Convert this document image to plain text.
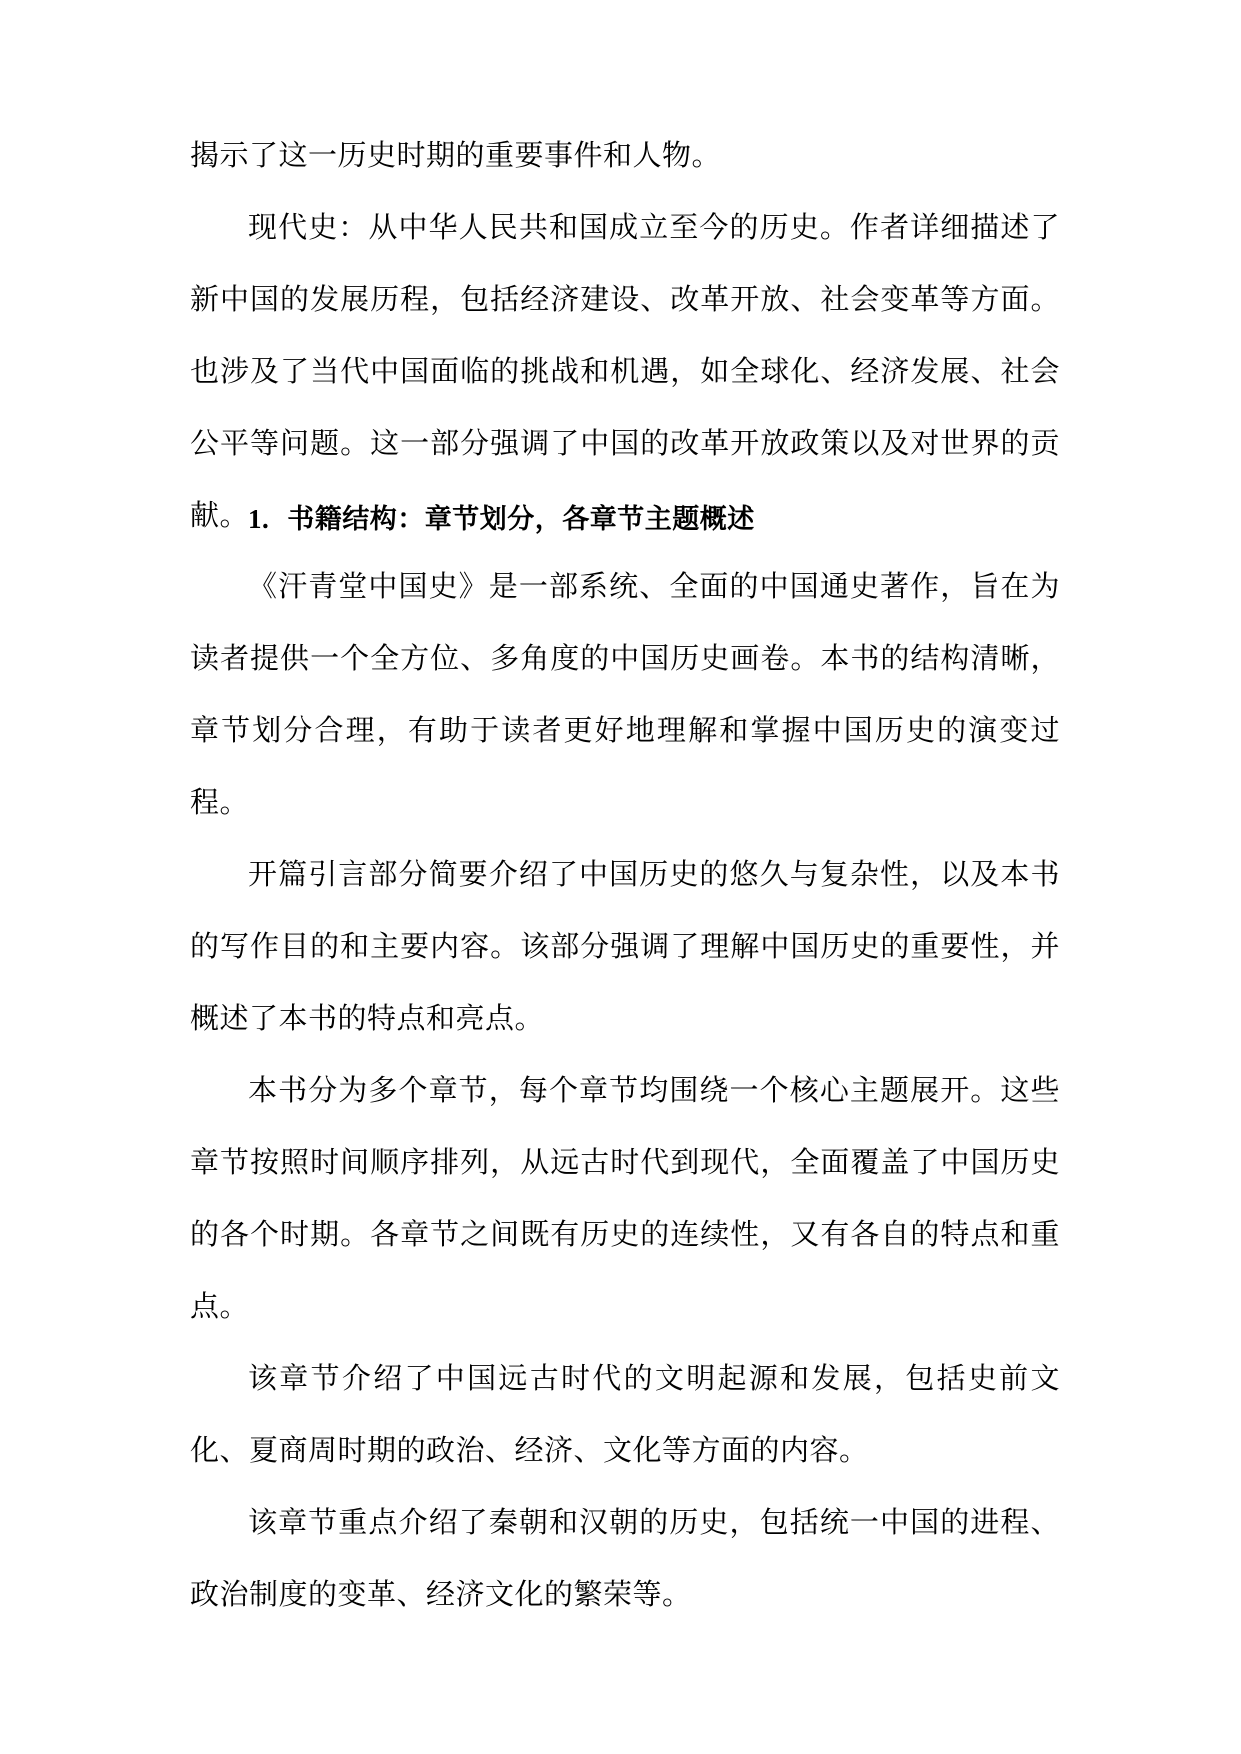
揭示了这一历史时期的重要事件和人物。

现代史：从中华人民共和国成立至今的历史。作者详细描述了新中国的发展历程，包括经济建设、改革开放、社会变革等方面。也涉及了当代中国面临的挑战和机遇，如全球化、经济发展、社会公平等问题。这一部分强调了中国的改革开放政策以及对世界的贡献。

1. 书籍结构：章节划分，各章节主题概述

《汗青堂中国史》是一部系统、全面的中国通史著作，旨在为读者提供一个全方位、多角度的中国历史画卷。本书的结构清晰，章节划分合理，有助于读者更好地理解和掌握中国历史的演变过程。

开篇引言部分简要介绍了中国历史的悠久与复杂性，以及本书的写作目的和主要内容。该部分强调了理解中国历史的重要性，并概述了本书的特点和亮点。

本书分为多个章节，每个章节均围绕一个核心主题展开。这些章节按照时间顺序排列，从远古时代到现代，全面覆盖了中国历史的各个时期。各章节之间既有历史的连续性，又有各自的特点和重点。

该章节介绍了中国远古时代的文明起源和发展，包括史前文化、夏商周时期的政治、经济、文化等方面的内容。

该章节重点介绍了秦朝和汉朝的历史，包括统一中国的进程、政治制度的变革、经济文化的繁荣等。
